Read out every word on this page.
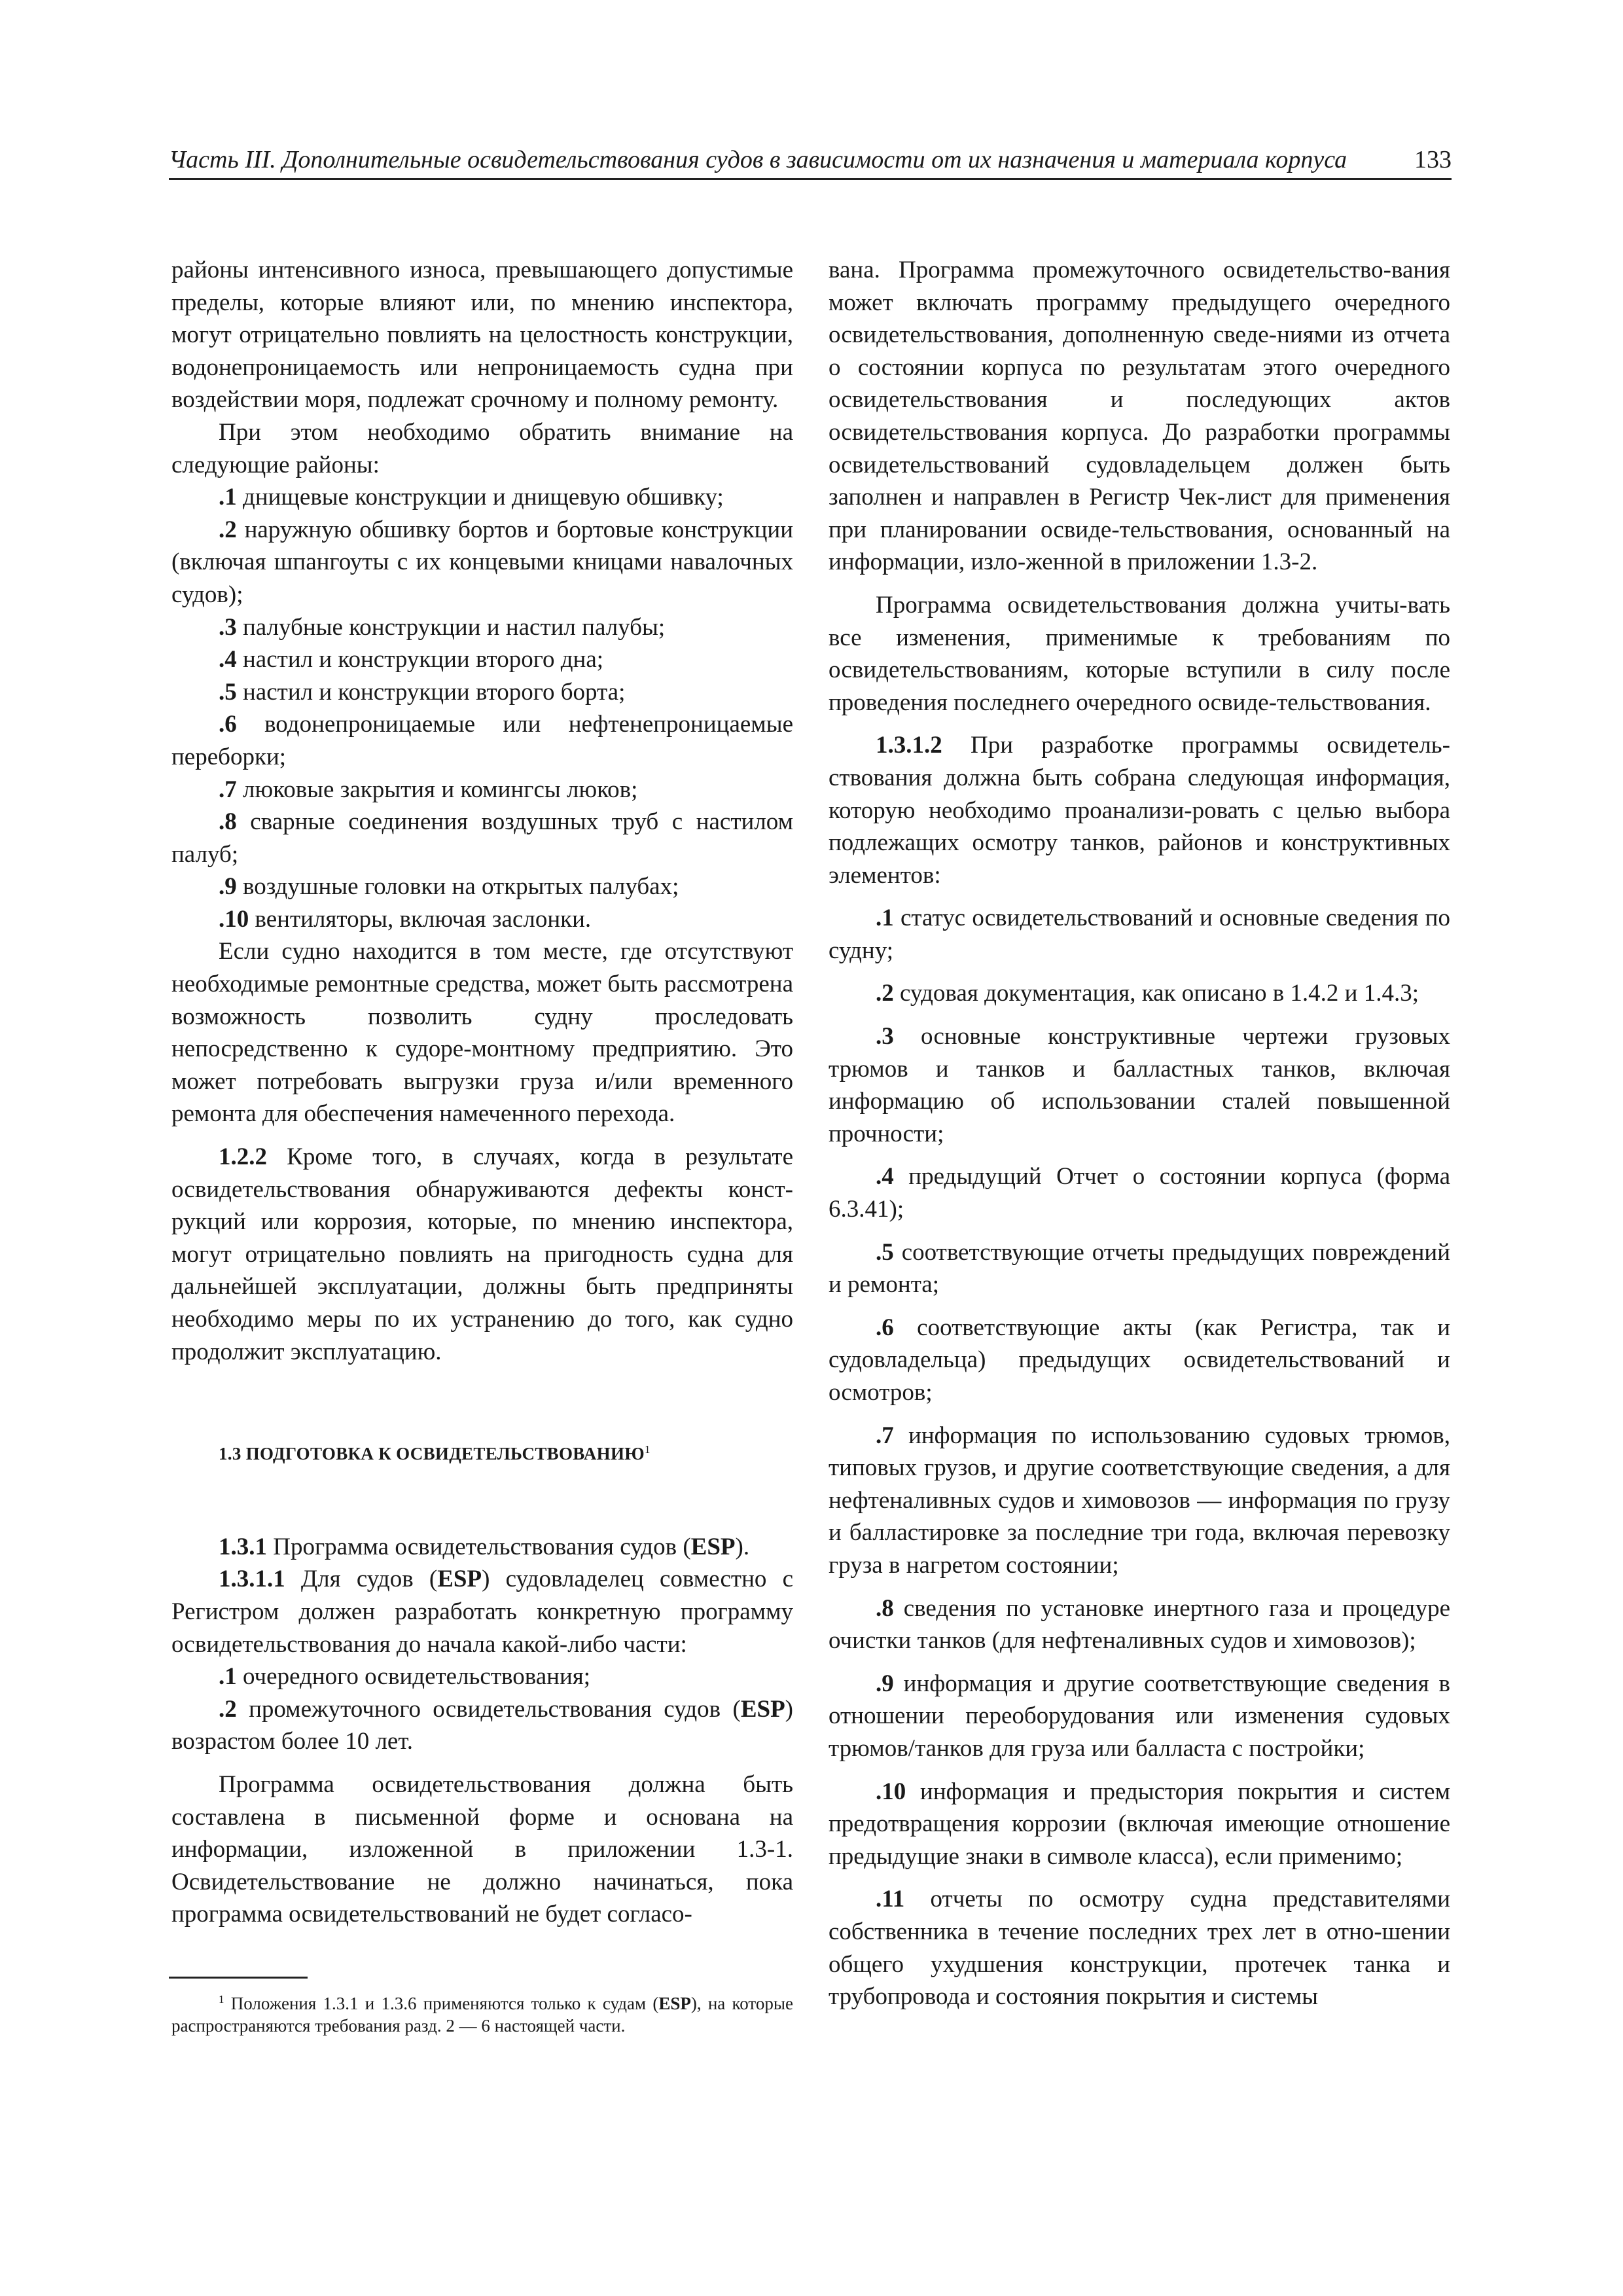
Часть III. Дополнительные освидетельствования судов в зависимости от их назначения и материала корпуса	133

районы интенсивного износа, превышающего допустимые пределы, которые влияют или, по мнению инспектора, могут отрицательно повлиять на целостность конструкции, водонепроницаемость или непроницаемость судна при воздействии моря, подлежат срочному и полному ремонту.

При этом необходимо обратить внимание на следующие районы:

.1 днищевые конструкции и днищевую обшивку;

.2 наружную обшивку бортов и бортовые конструкции (включая шпангоуты с их концевыми кницами навалочных судов);

.3 палубные конструкции и настил палубы;

.4 настил и конструкции второго дна;

.5 настил и конструкции второго борта;

.6 водонепроницаемые или нефтенепроницаемые переборки;

.7 люковые закрытия и комингсы люков;

.8 сварные соединения воздушных труб с настилом палуб;

.9 воздушные головки на открытых палубах;

.10 вентиляторы, включая заслонки.

Если судно находится в том месте, где отсутствуют необходимые ремонтные средства, может быть рассмотрена возможность позволить судну проследовать непосредственно к судоре-монтному предприятию. Это может потребовать выгрузки груза и/или временного ремонта для обеспечения намеченного перехода.

1.2.2 Кроме того, в случаях, когда в результате освидетельствования обнаруживаются дефекты конст-рукций или коррозия, которые, по мнению инспектора, могут отрицательно повлиять на пригодность судна для дальнейшей эксплуатации, должны быть предприняты необходимо меры по их устранению до того, как судно продолжит эксплуатацию.

1.3 ПОДГОТОВКА К ОСВИДЕТЕЛЬСТВОВАНИЮ$^1$

1.3.1 Программа освидетельствования судов (ESP).

1.3.1.1 Для судов (ESP) судовладелец совместно с Регистром должен разработать конкретную программу освидетельствования до начала какой-либо части:

.1 очередного освидетельствования;

.2 промежуточного освидетельствования судов (ESP) возрастом более 10 лет.

Программа освидетельствования должна быть составлена в письменной форме и основана на информации, изложенной в приложении 1.3-1. Освидетельствование не должно начинаться, пока программа освидетельствований не будет согласо-

$^1$ Положения 1.3.1 и 1.3.6 применяются только к судам (ESP), на которые распространяются требования разд. 2 — 6 настоящей части.

вана. Программа промежуточного освидетельство-вания может включать программу предыдущего очередного освидетельствования, дополненную сведе-ниями из отчета о состоянии корпуса по результатам этого очередного освидетельствования и последующих актов освидетельствования корпуса. До разработки программы освидетельствований судовладельцем должен быть заполнен и направлен в Регистр Чек-лист для применения при планировании освиде-тельствования, основанный на информации, изло-женной в приложении 1.3-2.

Программа освидетельствования должна учиты-вать все изменения, применимые к требованиям по освидетельствованиям, которые вступили в силу после проведения последнего очередного освиде-тельствования.

1.3.1.2 При разработке программы освидетель-ствования должна быть собрана следующая информация, которую необходимо проанализи-ровать с целью выбора подлежащих осмотру танков, районов и конструктивных элементов:

.1 статус освидетельствований и основные сведения по судну;

.2 судовая документация, как описано в 1.4.2 и 1.4.3;

.3 основные конструктивные чертежи грузовых трюмов и танков и балластных танков, включая информацию об использовании сталей повышенной прочности;

.4 предыдущий Отчет о состоянии корпуса (форма 6.3.41);

.5 соответствующие отчеты предыдущих повреждений и ремонта;

.6 соответствующие акты (как Регистра, так и судовладельца) предыдущих освидетельствований и осмотров;

.7 информация по использованию судовых трюмов, типовых грузов, и другие соответствующие сведения, а для нефтеналивных судов и химовозов — информация по грузу и балластировке за последние три года, включая перевозку груза в нагретом состоянии;

.8 сведения по установке инертного газа и процедуре очистки танков (для нефтеналивных судов и химовозов);

.9 информация и другие соответствующие сведения в отношении переоборудования или изменения судовых трюмов/танков для груза или балласта с постройки;

.10 информация и предыстория покрытия и систем предотвращения коррозии (включая имеющие отношение предыдущие знаки в символе класса), если применимо;

.11 отчеты по осмотру судна представителями собственника в течение последних трех лет в отно-шении общего ухудшения конструкции, протечек танка и трубопровода и состояния покрытия и системы
